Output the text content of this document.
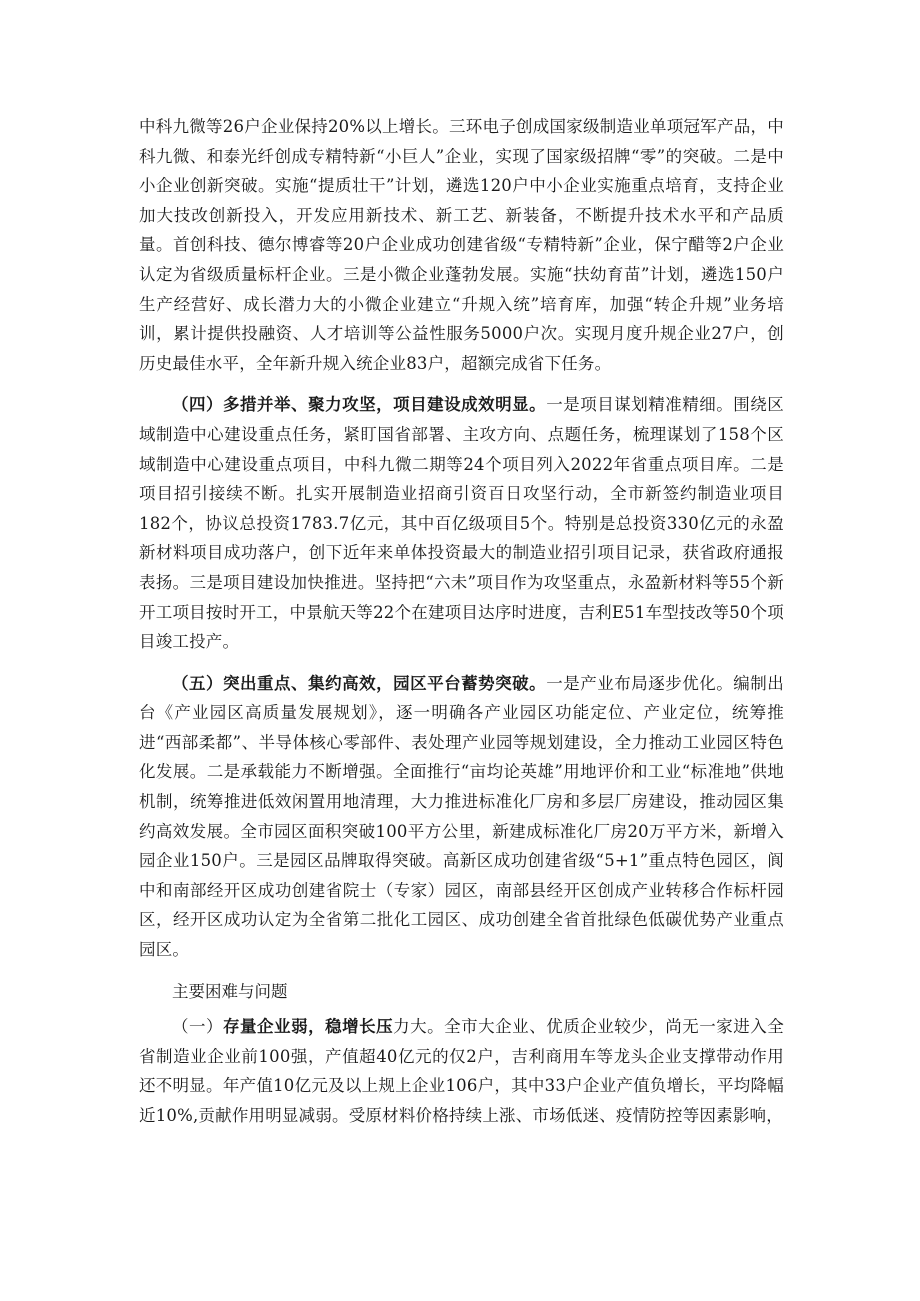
中科九微等26户企业保持20%以上增长。三环电子创成国家级制造业单项冠军产品，中科九微、和泰光纤创成专精特新“小巨人”企业，实现了国家级招牌“零”的突破。二是中小企业创新突破。实施“提质壮干”计划，遴选120户中小企业实施重点培育，支持企业加大技改创新投入，开发应用新技术、新工艺、新装备，不断提升技术水平和产品质量。首创科技、德尔博睿等20户企业成功创建省级“专精特新”企业，保宁醋等2户企业认定为省级质量标杆企业。三是小微企业蓬勃发展。实施“扶幼育苗”计划，遴选150户生产经营好、成长潜力大的小微企业建立“升规入统”培育库，加强“转企升规”业务培训，累计提供投融资、人才培训等公益性服务5000户次。实现月度升规企业27户，创历史最佳水平，全年新升规入统企业83户，超额完成省下任务。

（四）多措并举、聚力攻坚，项目建设成效明显。一是项目谋划精准精细。围绕区域制造中心建设重点任务，紧盯国省部署、主攻方向、点题任务，梳理谋划了158个区域制造中心建设重点项目，中科九微二期等24个项目列入2022年省重点项目库。二是项目招引接续不断。扎实开展制造业招商引资百日攻坚行动，全市新签约制造业项目182个，协议总投资1783.7亿元，其中百亿级项目5个。特别是总投资330亿元的永盈新材料项目成功落户，创下近年来单体投资最大的制造业招引项目记录，获省政府通报表扬。三是项目建设加快推进。坚持把“六未”项目作为攻坚重点，永盈新材料等55个新开工项目按时开工，中景航天等22个在建项目达序时进度，吉利E51车型技改等50个项目竣工投产。

（五）突出重点、集约高效，园区平台蓄势突破。一是产业布局逐步优化。编制出台《产业园区高质量发展规划》，逐一明确各产业园区功能定位、产业定位，统筹推进“西部柔都”、半导体核心零部件、表处理产业园等规划建设，全力推动工业园区特色化发展。二是承载能力不断增强。全面推行“亩均论英雄”用地评价和工业“标准地”供地机制，统筹推进低效闲置用地清理，大力推进标准化厂房和多层厂房建设，推动园区集约高效发展。全市园区面积突破100平方公里，新建成标准化厂房20万平方米，新增入园企业150户。三是园区品牌取得突破。高新区成功创建省级“5+1”重点特色园区，阆中和南部经开区成功创建省院士（专家）园区，南部县经开区创成产业转移合作标杆园区，经开区成功认定为全省第二批化工园区、成功创建全省首批绿色低碳优势产业重点园区。

主要困难与问题

（一）存量企业弱，稳增长压力大。全市大企业、优质企业较少，尚无一家进入全省制造业企业前100强，产值超40亿元的仅2户，吉利商用车等龙头企业支撑带动作用还不明显。年产值10亿元及以上规上企业106户，其中33户企业产值负增长，平均降幅近10%,贡献作用明显减弱。受原材料价格持续上涨、市场低迷、疫情防控等因素影响，
